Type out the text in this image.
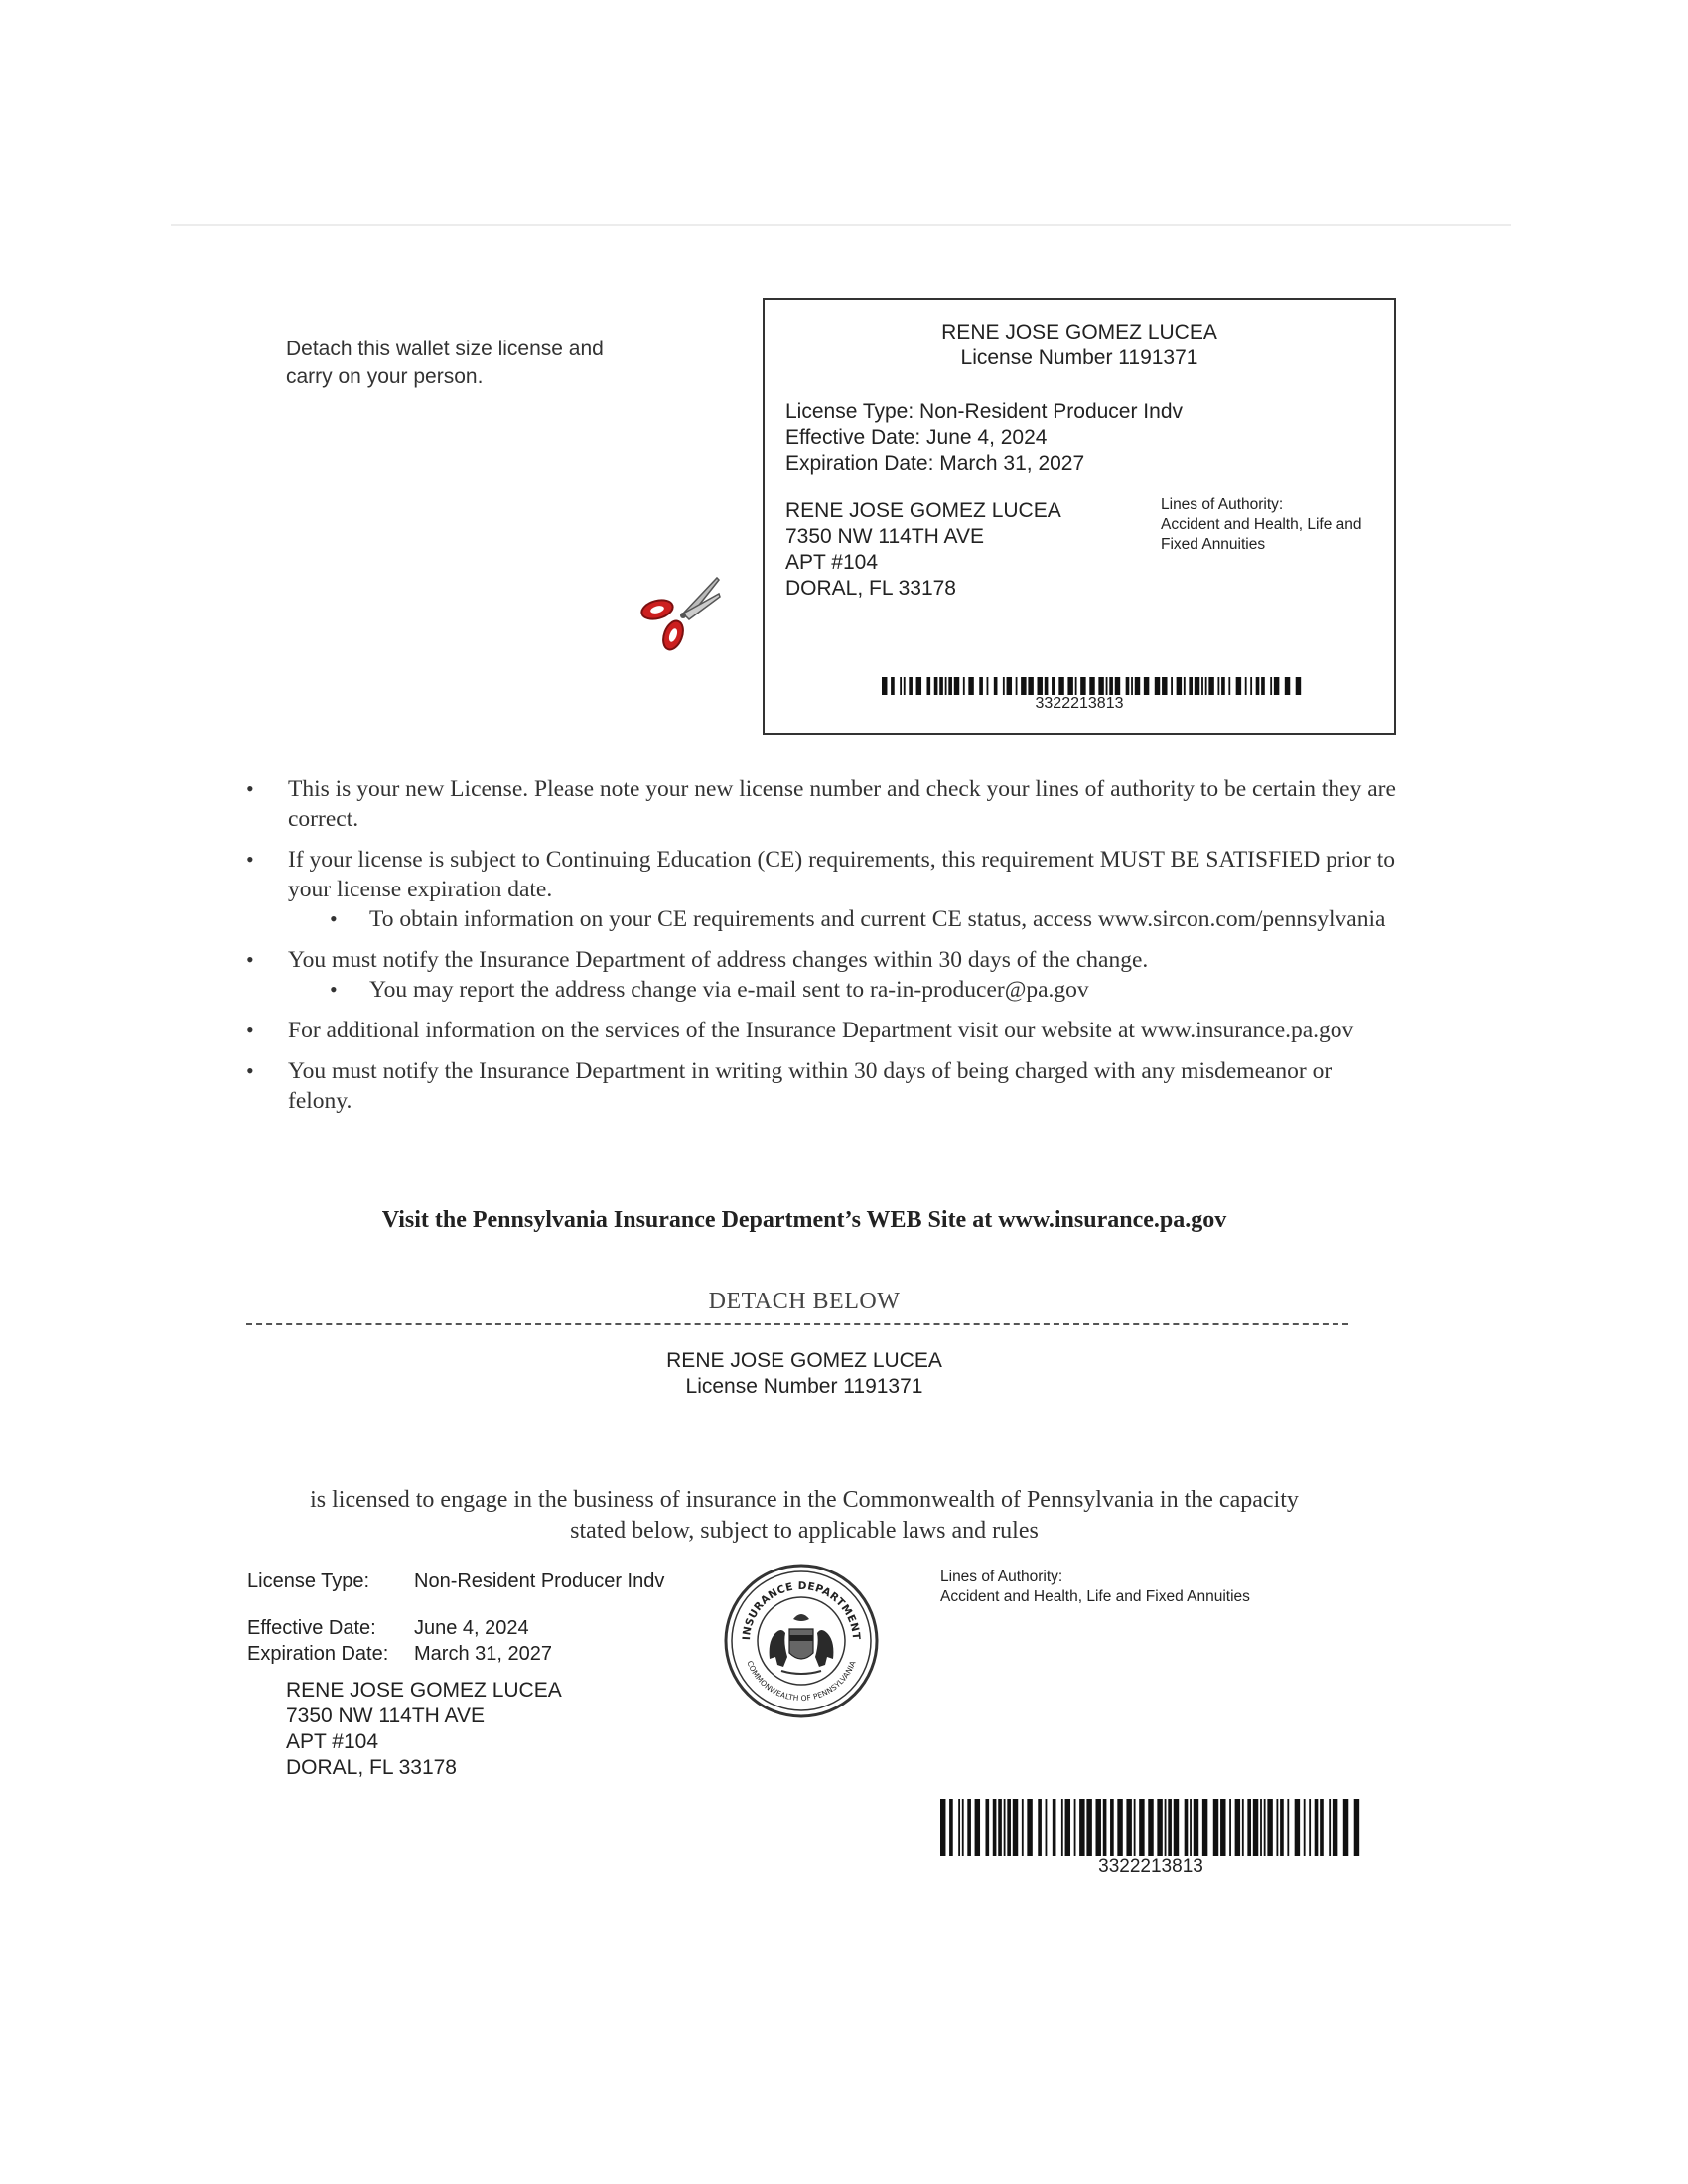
Detach this wallet size license and
carry on your person.
RENE JOSE GOMEZ LUCEA
License Number 1191371
License Type: Non-Resident Producer Indv
Effective Date: June 4, 2024
Expiration Date: March 31, 2027
RENE JOSE GOMEZ LUCEA
7350 NW 114TH AVE
APT #104
DORAL, FL 33178
Lines of Authority:
Accident and Health, Life and
Fixed Annuities
3322213813
• This is your new License. Please note your new license number and check your lines of authority to be certain they are correct.
• If your license is subject to Continuing Education (CE) requirements, this requirement MUST BE SATISFIED prior to your license expiration date.
• To obtain information on your CE requirements and current CE status, access www.sircon.com/pennsylvania
• You must notify the Insurance Department of address changes within 30 days of the change.
• You may report the address change via e-mail sent to ra-in-producer@pa.gov
• For additional information on the services of the Insurance Department visit our website at www.insurance.pa.gov
• You must notify the Insurance Department in writing within 30 days of being charged with any misdemeanor or felony.
Visit the Pennsylvania Insurance Department’s WEB Site at www.insurance.pa.gov
DETACH BELOW
RENE JOSE GOMEZ LUCEA
License Number 1191371
is licensed to engage in the business of insurance in the Commonwealth of Pennsylvania in the capacity
stated below, subject to applicable laws and rules
License Type: Non-Resident Producer Indv
Effective Date: June 4, 2024
Expiration Date: March 31, 2027
RENE JOSE GOMEZ LUCEA
7350 NW 114TH AVE
APT #104
DORAL, FL 33178
INSURANCE DEPARTMENT
COMMONWEALTH OF PENNSYLVANIA
Lines of Authority:
Accident and Health, Life and Fixed Annuities
3322213813
